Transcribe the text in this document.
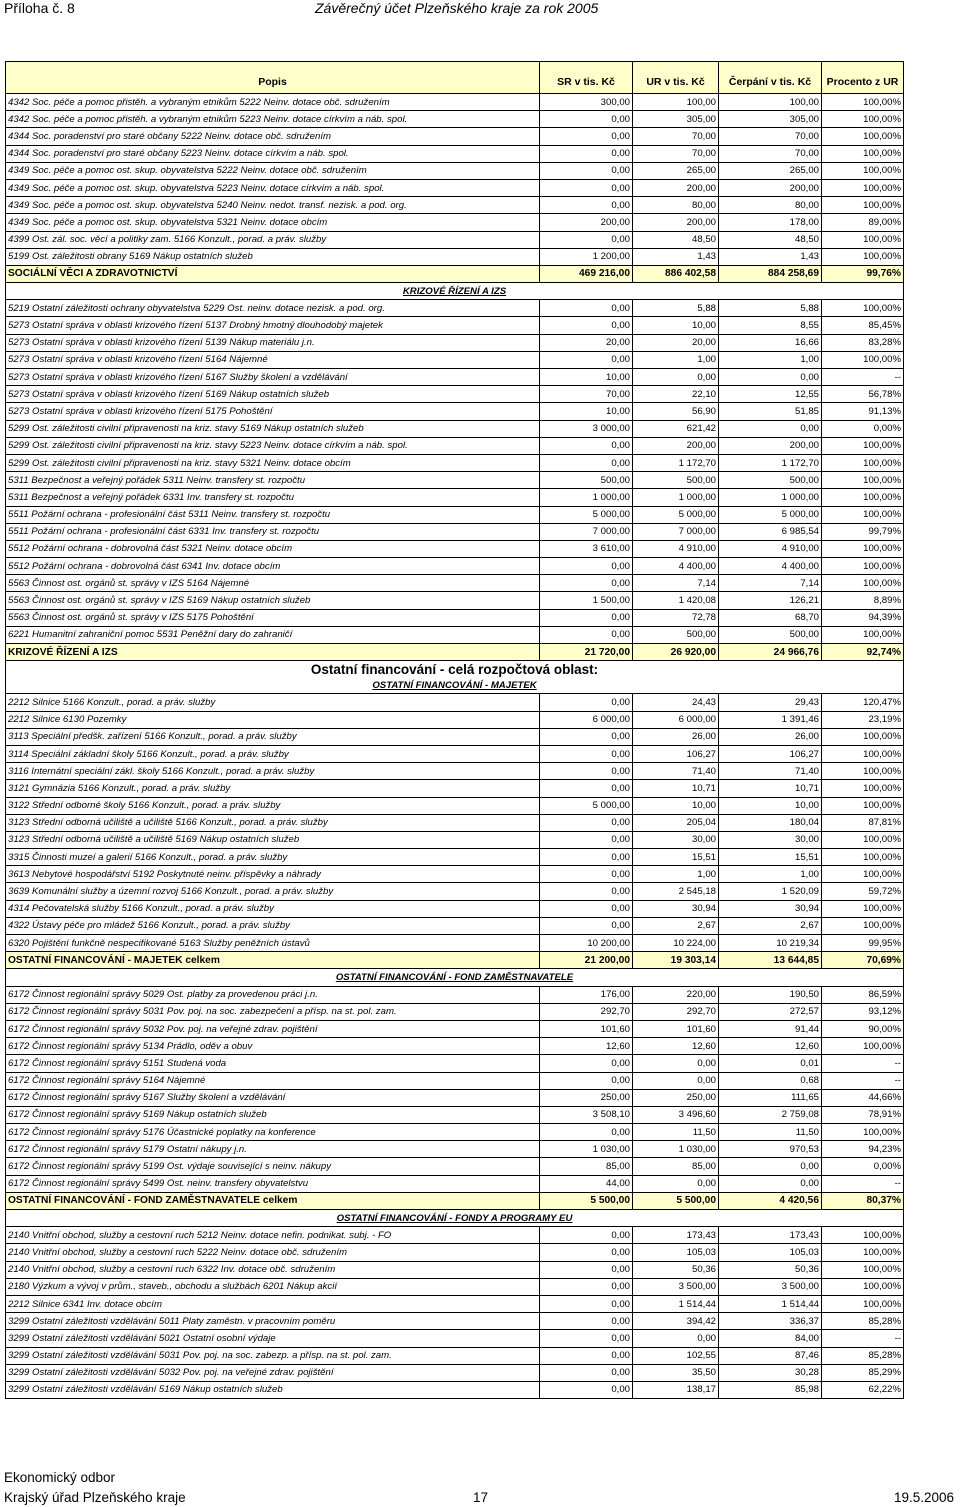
Příloha č. 8	Závěrečný účet Plzeňského kraje za rok 2005
Popis	SR v tis. Kč	UR v tis. Kč	Čerpání v tis. Kč	Procento z UR
4342 Soc. péče a pomoc přistěh. a vybraným etnikům 5222 Neinv. dotace obč. sdružením	300,00	100,00	100,00	100,00%
4342 Soc. péče a pomoc přistěh. a vybraným etnikům 5223 Neinv. dotace církvím a náb. spol.	0,00	305,00	305,00	100,00%
4344 Soc. poradenství pro staré občany 5222 Neinv. dotace obč. sdružením	0,00	70,00	70,00	100,00%
4344 Soc. poradenství pro staré občany 5223 Neinv. dotace církvím a náb. spol.	0,00	70,00	70,00	100,00%
4349 Soc. péče a pomoc ost. skup. obyvatelstva 5222 Neinv. dotace obč. sdružením	0,00	265,00	265,00	100,00%
4349 Soc. péče a pomoc ost. skup. obyvatelstva 5223 Neinv. dotace církvím a náb. spol.	0,00	200,00	200,00	100,00%
4349 Soc. péče a pomoc ost. skup. obyvatelstva 5240 Neinv. nedot. transf. nezisk. a pod. org.	0,00	80,00	80,00	100,00%
4349 Soc. péče a pomoc ost. skup. obyvatelstva 5321 Neinv. dotace obcím	200,00	200,00	178,00	89,00%
4399 Ost. zál. soc. věcí a politiky zam. 5166 Konzult., porad. a práv. služby	0,00	48,50	48,50	100,00%
5199 Ost. záležitosti obrany 5169 Nákup ostatních služeb	1 200,00	1,43	1,43	100,00%
SOCIÁLNÍ VĚCI A ZDRAVOTNICTVÍ	469 216,00	886 402,58	884 258,69	99,76%
KRIZOVÉ ŘÍZENÍ A IZS				
5219 Ostatní záležitosti ochrany obyvatelstva 5229 Ost. neinv. dotace nezisk. a pod. org.	0,00	5,88	5,88	100,00%
5273 Ostatní správa v oblasti krizového řízení 5137 Drobný hmotný dlouhodobý majetek	0,00	10,00	8,55	85,45%
5273 Ostatní správa v oblasti krizového řízení 5139 Nákup materiálu j.n.	20,00	20,00	16,66	83,28%
5273 Ostatní správa v oblasti krizového řízení 5164 Nájemné	0,00	1,00	1,00	100,00%
5273 Ostatní správa v oblasti krizového řízení 5167 Služby školení a vzdělávání	10,00	0,00	0,00	--
5273 Ostatní správa v oblasti krizového řízení 5169 Nákup ostatních služeb	70,00	22,10	12,55	56,78%
5273 Ostatní správa v oblasti krizového řízení 5175 Pohoštění	10,00	56,90	51,85	91,13%
5299 Ost. záležitosti civilní připravenosti na kriz. stavy 5169 Nákup ostatních služeb	3 000,00	621,42	0,00	0,00%
5299 Ost. záležitosti civilní připravenosti na kriz. stavy 5223 Neinv. dotace církvím a náb. spol.	0,00	200,00	200,00	100,00%
5299 Ost. záležitosti civilní připravenosti na kriz. stavy 5321 Neinv. dotace obcím	0,00	1 172,70	1 172,70	100,00%
5311 Bezpečnost a veřejný pořádek 5311 Neinv. transfery st. rozpočtu	500,00	500,00	500,00	100,00%
5311 Bezpečnost a veřejný pořádek 6331 Inv. transfery st. rozpočtu	1 000,00	1 000,00	1 000,00	100,00%
5511 Požární ochrana - profesionální část 5311 Neinv. transfery st. rozpočtu	5 000,00	5 000,00	5 000,00	100,00%
5511 Požární ochrana - profesionální část 6331 Inv. transfery st. rozpočtu	7 000,00	7 000,00	6 985,54	99,79%
5512 Požární ochrana - dobrovolná část 5321 Neinv. dotace obcím	3 610,00	4 910,00	4 910,00	100,00%
5512 Požární ochrana - dobrovolná část 6341 Inv. dotace obcím	0,00	4 400,00	4 400,00	100,00%
5563 Činnost ost. orgánů st. správy v IZS 5164 Nájemné	0,00	7,14	7,14	100,00%
5563 Činnost ost. orgánů st. správy v IZS 5169 Nákup ostatních služeb	1 500,00	1 420,08	126,21	8,89%
5563 Činnost ost. orgánů st. správy v IZS 5175 Pohoštění	0,00	72,78	68,70	94,39%
6221 Humanitní zahraniční pomoc 5531 Peněžní dary do zahraničí	0,00	500,00	500,00	100,00%
KRIZOVÉ ŘÍZENÍ A IZS	21 720,00	26 920,00	24 966,76	92,74%
Ostatní financování - celá rozpočtová oblast:				
OSTATNÍ FINANCOVÁNÍ - MAJETEK				
2212 Silnice 5166 Konzult., porad. a práv. služby	0,00	24,43	29,43	120,47%
2212 Silnice 6130 Pozemky	6 000,00	6 000,00	1 391,46	23,19%
3113 Speciální předšk. zařízení 5166 Konzult., porad. a práv. služby	0,00	26,00	26,00	100,00%
3114 Speciální základní školy 5166 Konzult., porad. a práv. služby	0,00	106,27	106,27	100,00%
3116 Internátní speciální zákl. školy 5166 Konzult., porad. a práv. služby	0,00	71,40	71,40	100,00%
3121 Gymnázia 5166 Konzult., porad. a práv. služby	0,00	10,71	10,71	100,00%
3122 Střední odborné školy 5166 Konzult., porad. a práv. služby	5 000,00	10,00	10,00	100,00%
3123 Střední odborná učiliště a učiliště 5166 Konzult., porad. a práv. služby	0,00	205,04	180,04	87,81%
3123 Střední odborná učiliště a učiliště 5169 Nákup ostatních služeb	0,00	30,00	30,00	100,00%
3315 Činnosti muzeí a galerií 5166 Konzult., porad. a práv. služby	0,00	15,51	15,51	100,00%
3613 Nebytové hospodářství 5192 Poskytnuté neinv. příspěvky a náhrady	0,00	1,00	1,00	100,00%
3639 Komunální služby a územní rozvoj 5166 Konzult., porad. a práv. služby	0,00	2 545,18	1 520,09	59,72%
4314 Pečovatelská služby 5166 Konzult., porad. a práv. služby	0,00	30,94	30,94	100,00%
4322 Ústavy péče pro mládež 5166 Konzult., porad. a práv. služby	0,00	2,67	2,67	100,00%
6320 Pojištění funkčně nespecifikované 5163 Služby peněžních ústavů	10 200,00	10 224,00	10 219,34	99,95%
OSTATNÍ FINANCOVÁNÍ - MAJETEK celkem	21 200,00	19 303,14	13 644,85	70,69%
OSTATNÍ FINANCOVÁNÍ - FOND ZAMĚSTNAVATELE				
6172 Činnost regionální správy 5029 Ost. platby za provedenou práci j.n.	176,00	220,00	190,50	86,59%
6172 Činnost regionální správy 5031 Pov. poj. na soc. zabezpečení a přísp. na st. pol. zam.	292,70	292,70	272,57	93,12%
6172 Činnost regionální správy 5032 Pov. poj. na veřejné zdrav. pojištění	101,60	101,60	91,44	90,00%
6172 Činnost regionální správy 5134 Prádlo, oděv a obuv	12,60	12,60	12,60	100,00%
6172 Činnost regionální správy 5151 Studená voda	0,00	0,00	0,01	--
6172 Činnost regionální správy 5164 Nájemné	0,00	0,00	0,68	--
6172 Činnost regionální správy 5167 Služby školení a vzdělávání	250,00	250,00	111,65	44,66%
6172 Činnost regionální správy 5169 Nákup ostatních služeb	3 508,10	3 496,60	2 759,08	78,91%
6172 Činnost regionální správy 5176 Účastnické poplatky na konference	0,00	11,50	11,50	100,00%
6172 Činnost regionální správy 5179 Ostatní nákupy j.n.	1 030,00	1 030,00	970,53	94,23%
6172 Činnost regionální správy 5199 Ost. výdaje související s neinv. nákupy	85,00	85,00	0,00	0,00%
6172 Činnost regionální správy 5499 Ost. neinv. transfery obyvatelstvu	44,00	0,00	0,00	--
OSTATNÍ FINANCOVÁNÍ - FOND ZAMĚSTNAVATELE celkem	5 500,00	5 500,00	4 420,56	80,37%
OSTATNÍ FINANCOVÁNÍ - FONDY A PROGRAMY EU				
2140 Vnitřní obchod, služby a cestovní ruch 5212 Neinv. dotace nefin. podnikat. subj. - FO	0,00	173,43	173,43	100,00%
2140 Vnitřní obchod, služby a cestovní ruch 5222 Neinv. dotace obč. sdružením	0,00	105,03	105,03	100,00%
2140 Vnitřní obchod, služby a cestovní ruch 6322 Inv. dotace obč. sdružením	0,00	50,36	50,36	100,00%
2180 Výzkum a vývoj v prům., staveb., obchodu a službách 6201 Nákup akcií	0,00	3 500,00	3 500,00	100,00%
2212 Silnice 6341 Inv. dotace obcím	0,00	1 514,44	1 514,44	100,00%
3299 Ostatní záležitosti vzdělávání 5011 Platy zaměstn. v pracovním poměru	0,00	394,42	336,37	85,28%
3299 Ostatní záležitosti vzdělávání 5021 Ostatní osobní výdaje	0,00	0,00	84,00	--
3299 Ostatní záležitosti vzdělávání 5031 Pov. poj. na soc. zabezp. a přísp. na st. pol. zam.	0,00	102,55	87,46	85,28%
3299 Ostatní záležitosti vzdělávání 5032 Pov. poj. na veřejné zdrav. pojištění	0,00	35,50	30,28	85,29%
3299 Ostatní záležitosti vzdělávání 5169 Nákup ostatních služeb	0,00	138,17	85,98	62,22%
Ekonomický odbor
Krajský úřad Plzeňského kraje	17	19.5.2006
